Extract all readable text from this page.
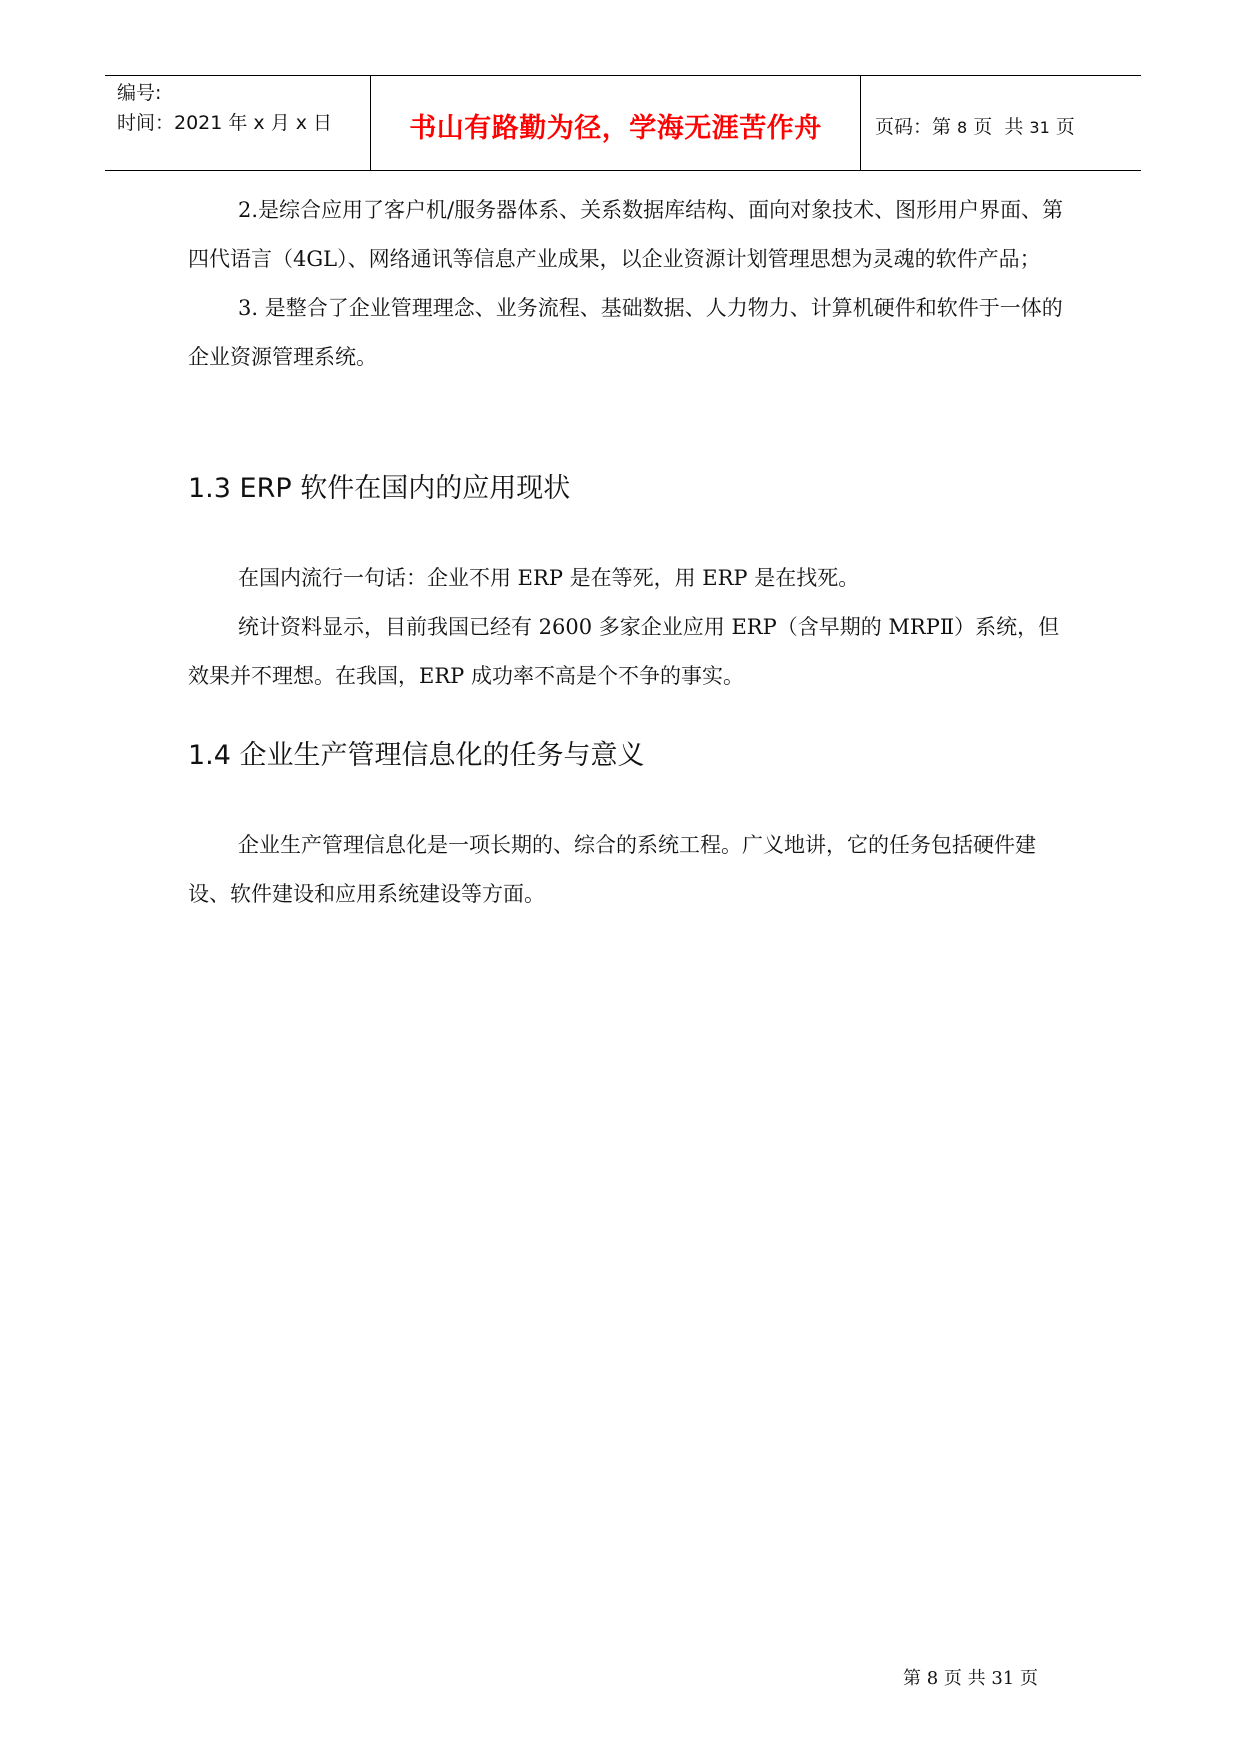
编号:
时间：2021 年 x 月 x 日	书山有路勤为径，学海无涯苦作舟	页码：第 8 页  共 31 页

2.是综合应用了客户机/服务器体系、关系数据库结构、面向对象技术、图形用户界面、第四代语言（4GL）、网络通讯等信息产业成果，以企业资源计划管理思想为灵魂的软件产品；

3. 是整合了企业管理理念、业务流程、基础数据、人力物力、计算机硬件和软件于一体的企业资源管理系统。

1.3 ERP 软件在国内的应用现状

在国内流行一句话：企业不用 ERP 是在等死，用 ERP 是在找死。

统计资料显示，目前我国已经有 2600 多家企业应用 ERP（含早期的 MRPⅡ）系统，但效果并不理想。在我国，ERP 成功率不高是个不争的事实。

1.4 企业生产管理信息化的任务与意义

企业生产管理信息化是一项长期的、综合的系统工程。广义地讲，它的任务包括硬件建设、软件建设和应用系统建设等方面。

第 8 页 共 31 页
